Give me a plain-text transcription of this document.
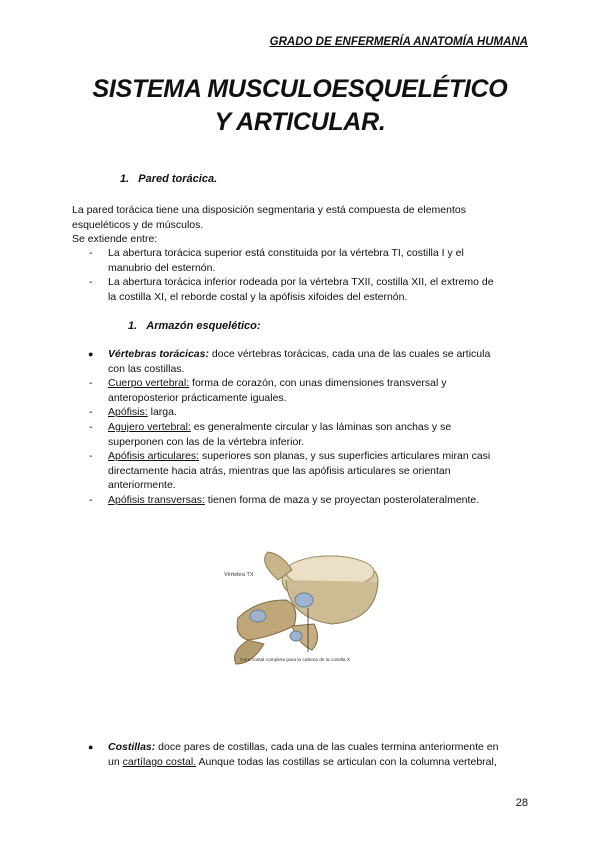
GRADO DE ENFERMERÍA ANATOMÍA HUMANA
SISTEMA MUSCULOESQUELÉTICO
Y ARTICULAR.
1. Pared torácica.
La pared torácica tiene una disposición segmentaria y está compuesta de elementos
esqueléticos y de músculos.
Se extiende entre:
- La abertura torácica superior está constituida por la vértebra TI, costilla I y el
manubrio del esternón.
- La abertura torácica inferior rodeada por la vértebra TXII, costilla XII, el extremo de
la costilla XI, el reborde costal y la apófisis xifoides del esternón.
1. Armazón esquelético:
● Vértebras torácicas: doce vértebras torácicas, cada una de las cuales se articula
con las costillas.
- Cuerpo vertebral: forma de corazón, con unas dimensiones transversal y
anteroposterior prácticamente iguales.
- Apófisis: larga.
- Agujero vertebral: es generalmente circular y las láminas son anchas y se
superponen con las de la vértebra inferior.
- Apófisis articulares: superiores son planas, y sus superficies articulares miran casi
directamente hacia atrás, mientras que las apófisis articulares se orientan
anteriormente.
- Apófisis transversas: tienen forma de maza y se proyectan posterolateralmente.
Vértebra TX
Cara costal completa para la cabeza de la costilla X
● Costillas: doce pares de costillas, cada una de las cuales termina anteriormente en
un cartílago costal. Aunque todas las costillas se articulan con la columna vertebral,
28
